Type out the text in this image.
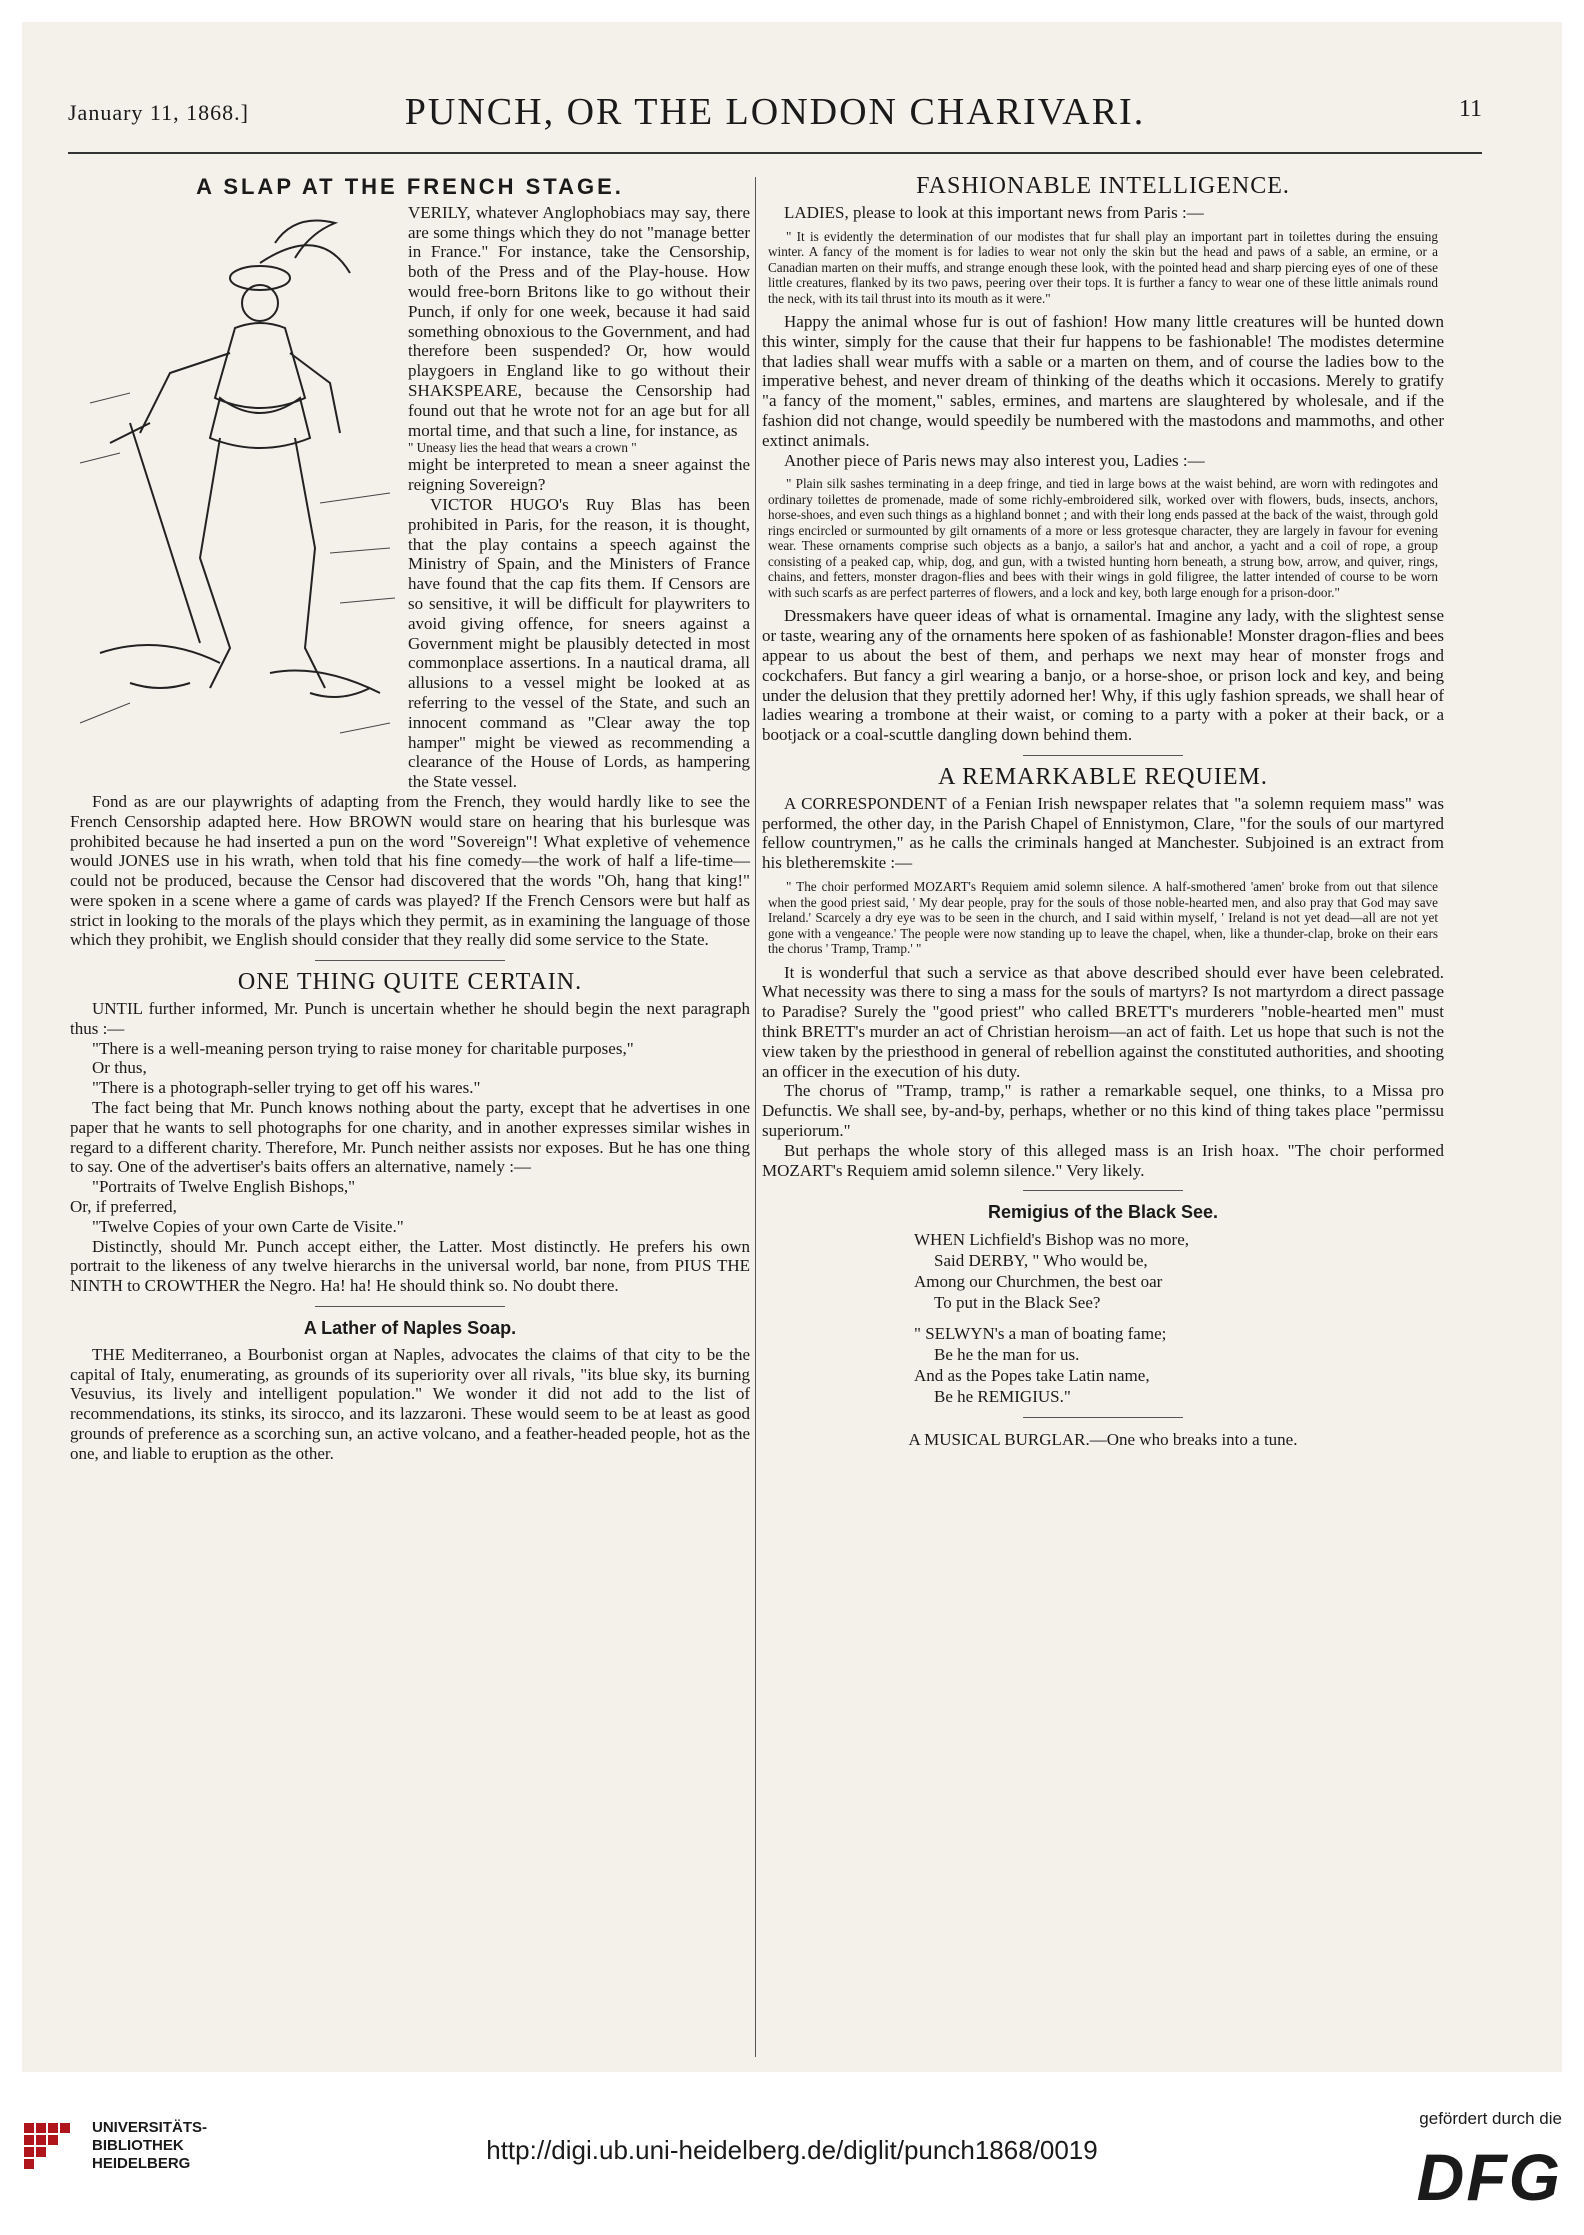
January 11, 1868.]	PUNCH, OR THE LONDON CHARIVARI.	11
A SLAP AT THE FRENCH STAGE.

VERILY, whatever Anglophobiacs may say, there are some things which they do not "manage better in France." For instance, take the Censorship, both of the Press and of the Play-house. How would free-born Britons like to go without their Punch, if only for one week, because it had said something obnoxious to the Government, and had therefore been suspended? Or, how would playgoers in England like to go without their SHAKSPEARE, because the Censorship had found out that he wrote not for an age but for all mortal time, and that such a line, for instance, as

" Uneasy lies the head that wears a crown "

might be interpreted to mean a sneer against the reigning Sovereign?

VICTOR HUGO's Ruy Blas has been prohibited in Paris, for the reason, it is thought, that the play contains a speech against the Ministry of Spain, and the Ministers of France have found that the cap fits them. If Censors are so sensitive, it will be difficult for playwriters to avoid giving offence, for sneers against a Government might be plausibly detected in most commonplace assertions. In a nautical drama, all allusions to a vessel might be looked at as referring to the vessel of the State, and such an innocent command as "Clear away the top hamper" might be viewed as recommending a clearance of the House of Lords, as hampering the State vessel.

Fond as are our playwrights of adapting from the French, they would hardly like to see the French Censorship adapted here. How BROWN would stare on hearing that his burlesque was prohibited because he had inserted a pun on the word "Sovereign"! What expletive of vehemence would JONES use in his wrath, when told that his fine comedy—the work of half a life-time—could not be produced, because the Censor had discovered that the words "Oh, hang that king!" were spoken in a scene where a game of cards was played? If the French Censors were but half as strict in looking to the morals of the plays which they permit, as in examining the language of those which they prohibit, we English should consider that they really did some service to the State.

ONE THING QUITE CERTAIN.

UNTIL further informed, Mr. Punch is uncertain whether he should begin the next paragraph thus :—

"There is a well-meaning person trying to raise money for charitable purposes,"

Or thus,

"There is a photograph-seller trying to get off his wares."

The fact being that Mr. Punch knows nothing about the party, except that he advertises in one paper that he wants to sell photographs for one charity, and in another expresses similar wishes in regard to a different charity. Therefore, Mr. Punch neither assists nor exposes. But he has one thing to say. One of the advertiser's baits offers an alternative, namely :—

"Portraits of Twelve English Bishops,"

Or, if preferred,

"Twelve Copies of your own Carte de Visite."

Distinctly, should Mr. Punch accept either, the Latter. Most distinctly. He prefers his own portrait to the likeness of any twelve hierarchs in the universal world, bar none, from PIUS THE NINTH to CROWTHER the Negro. Ha! ha! He should think so. No doubt there.

A Lather of Naples Soap.

THE Mediterraneo, a Bourbonist organ at Naples, advocates the claims of that city to be the capital of Italy, enumerating, as grounds of its superiority over all rivals, "its blue sky, its burning Vesuvius, its lively and intelligent population." We wonder it did not add to the list of recommendations, its stinks, its sirocco, and its lazzaroni. These would seem to be at least as good grounds of preference as a scorching sun, an active volcano, and a feather-headed people, hot as the one, and liable to eruption as the other.

FASHIONABLE INTELLIGENCE.

LADIES, please to look at this important news from Paris :—

" It is evidently the determination of our modistes that fur shall play an important part in toilettes during the ensuing winter. A fancy of the moment is for ladies to wear not only the skin but the head and paws of a sable, an ermine, or a Canadian marten on their muffs, and strange enough these look, with the pointed head and sharp piercing eyes of one of these little creatures, flanked by its two paws, peering over their tops. It is further a fancy to wear one of these little animals round the neck, with its tail thrust into its mouth as it were."

Happy the animal whose fur is out of fashion! How many little creatures will be hunted down this winter, simply for the cause that their fur happens to be fashionable! The modistes determine that ladies shall wear muffs with a sable or a marten on them, and of course the ladies bow to the imperative behest, and never dream of thinking of the deaths which it occasions. Merely to gratify "a fancy of the moment," sables, ermines, and martens are slaughtered by wholesale, and if the fashion did not change, would speedily be numbered with the mastodons and mammoths, and other extinct animals.

Another piece of Paris news may also interest you, Ladies :—

" Plain silk sashes terminating in a deep fringe, and tied in large bows at the waist behind, are worn with redingotes and ordinary toilettes de promenade, made of some richly-embroidered silk, worked over with flowers, buds, insects, anchors, horse-shoes, and even such things as a highland bonnet ; and with their long ends passed at the back of the waist, through gold rings encircled or surmounted by gilt ornaments of a more or less grotesque character, they are largely in favour for evening wear. These ornaments comprise such objects as a banjo, a sailor's hat and anchor, a yacht and a coil of rope, a group consisting of a peaked cap, whip, dog, and gun, with a twisted hunting horn beneath, a strung bow, arrow, and quiver, rings, chains, and fetters, monster dragon-flies and bees with their wings in gold filigree, the latter intended of course to be worn with such scarfs as are perfect parterres of flowers, and a lock and key, both large enough for a prison-door."

Dressmakers have queer ideas of what is ornamental. Imagine any lady, with the slightest sense or taste, wearing any of the ornaments here spoken of as fashionable! Monster dragon-flies and bees appear to us about the best of them, and perhaps we next may hear of monster frogs and cockchafers. But fancy a girl wearing a banjo, or a horse-shoe, or prison lock and key, and being under the delusion that they prettily adorned her! Why, if this ugly fashion spreads, we shall hear of ladies wearing a trombone at their waist, or coming to a party with a poker at their back, or a bootjack or a coal-scuttle dangling down behind them.

A REMARKABLE REQUIEM.

A CORRESPONDENT of a Fenian Irish newspaper relates that "a solemn requiem mass" was performed, the other day, in the Parish Chapel of Ennistymon, Clare, "for the souls of our martyred fellow countrymen," as he calls the criminals hanged at Manchester. Subjoined is an extract from his bletheremskite :—

" The choir performed MOZART's Requiem amid solemn silence. A half-smothered 'amen' broke from out that silence when the good priest said, ' My dear people, pray for the souls of those noble-hearted men, and also pray that God may save Ireland.' Scarcely a dry eye was to be seen in the church, and I said within myself, ' Ireland is not yet dead—all are not yet gone with a vengeance.' The people were now standing up to leave the chapel, when, like a thunder-clap, broke on their ears the chorus ' Tramp, Tramp.' "

It is wonderful that such a service as that above described should ever have been celebrated. What necessity was there to sing a mass for the souls of martyrs? Is not martyrdom a direct passage to Paradise? Surely the "good priest" who called BRETT's murderers "noble-hearted men" must think BRETT's murder an act of Christian heroism—an act of faith. Let us hope that such is not the view taken by the priesthood in general of rebellion against the constituted authorities, and shooting an officer in the execution of his duty.

The chorus of "Tramp, tramp," is rather a remarkable sequel, one thinks, to a Missa pro Defunctis. We shall see, by-and-by, perhaps, whether or no this kind of thing takes place "permissu superiorum."

But perhaps the whole story of this alleged mass is an Irish hoax. "The choir performed MOZART's Requiem amid solemn silence." Very likely.

Remigius of the Black See.
WHEN Lichfield's Bishop was no more,
Said DERBY, " Who would be,
Among our Churchmen, the best oar
To put in the Black See?
" SELWYN's a man of boating fame;
Be he the man for us.
And as the Popes take Latin name,
Be he REMIGIUS."

A MUSICAL BURGLAR.—One who breaks into a tune.

UNIVERSITÄTS-
BIBLIOTHEK
HEIDELBERG	http://digi.ub.uni-heidelberg.de/diglit/punch1868/0019
gefördert durch die
DFG
